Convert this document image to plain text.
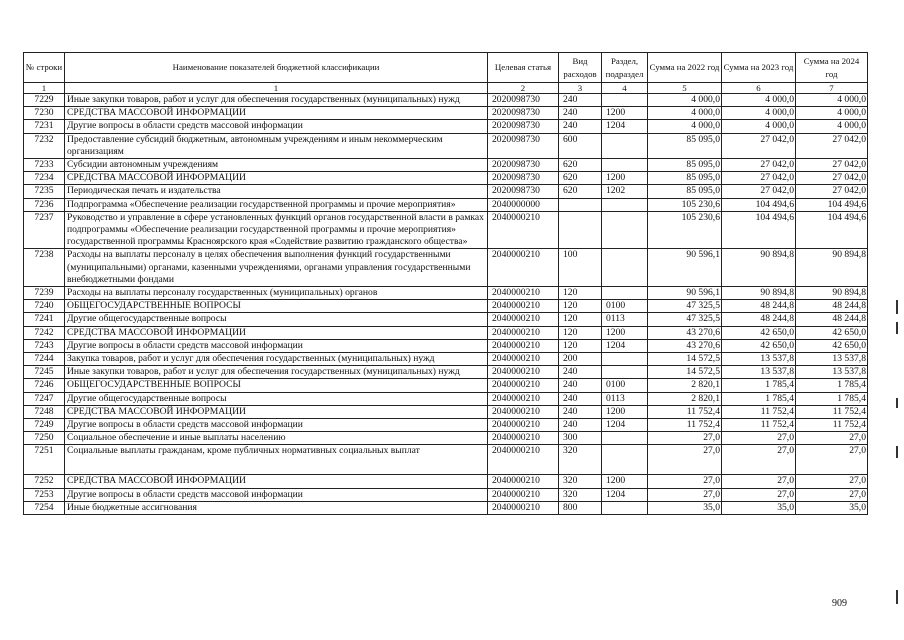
№ строки	Наименование показателей бюджетной классификации	Целевая статья	Вид расходов	Раздел, подраздел	Сумма на 2022 год	Сумма на 2023 год	Сумма на 2024 год
1	1	2	3	4	5	6	7
7229	Иные закупки товаров, работ и услуг для обеспечения государственных (муниципальных) нужд	2020098730	240		4 000,0	4 000,0	4 000,0
7230	СРЕДСТВА МАССОВОЙ ИНФОРМАЦИИ	2020098730	240	1200	4 000,0	4 000,0	4 000,0
7231	Другие вопросы в области средств массовой информации	2020098730	240	1204	4 000,0	4 000,0	4 000,0
7232	Предоставление субсидий бюджетным, автономным учреждениям и иным некоммерческим организациям	2020098730	600		85 095,0	27 042,0	27 042,0
7233	Субсидии автономным учреждениям	2020098730	620		85 095,0	27 042,0	27 042,0
7234	СРЕДСТВА МАССОВОЙ ИНФОРМАЦИИ	2020098730	620	1200	85 095,0	27 042,0	27 042,0
7235	Периодическая печать и издательства	2020098730	620	1202	85 095,0	27 042,0	27 042,0
7236	Подпрограмма «Обеспечение реализации государственной программы и прочие мероприятия»	2040000000			105 230,6	104 494,6	104 494,6
7237	Руководство и управление в сфере установленных функций органов государственной власти в рамках подпрограммы «Обеспечение реализации государственной программы и прочие мероприятия» государственной программы Красноярского края «Содействие развитию гражданского общества»	2040000210			105 230,6	104 494,6	104 494,6
7238	Расходы на выплаты персоналу в целях обеспечения выполнения функций государственными (муниципальными) органами, казенными учреждениями, органами управления государственными внебюджетными фондами	2040000210	100		90 596,1	90 894,8	90 894,8
7239	Расходы на выплаты персоналу государственных (муниципальных) органов	2040000210	120		90 596,1	90 894,8	90 894,8
7240	ОБЩЕГОСУДАРСТВЕННЫЕ ВОПРОСЫ	2040000210	120	0100	47 325,5	48 244,8	48 244,8
7241	Другие общегосударственные вопросы	2040000210	120	0113	47 325,5	48 244,8	48 244,8
7242	СРЕДСТВА МАССОВОЙ ИНФОРМАЦИИ	2040000210	120	1200	43 270,6	42 650,0	42 650,0
7243	Другие вопросы в области средств массовой информации	2040000210	120	1204	43 270,6	42 650,0	42 650,0
7244	Закупка товаров, работ и услуг для обеспечения государственных (муниципальных) нужд	2040000210	200		14 572,5	13 537,8	13 537,8
7245	Иные закупки товаров, работ и услуг для обеспечения государственных (муниципальных) нужд	2040000210	240		14 572,5	13 537,8	13 537,8
7246	ОБЩЕГОСУДАРСТВЕННЫЕ ВОПРОСЫ	2040000210	240	0100	2 820,1	1 785,4	1 785,4
7247	Другие общегосударственные вопросы	2040000210	240	0113	2 820,1	1 785,4	1 785,4
7248	СРЕДСТВА МАССОВОЙ ИНФОРМАЦИИ	2040000210	240	1200	11 752,4	11 752,4	11 752,4
7249	Другие вопросы в области средств массовой информации	2040000210	240	1204	11 752,4	11 752,4	11 752,4
7250	Социальное обеспечение и иные выплаты населению	2040000210	300		27,0	27,0	27,0
7251	Социальные выплаты гражданам, кроме публичных нормативных социальных выплат	2040000210	320		27,0	27,0	27,0
7252	СРЕДСТВА МАССОВОЙ ИНФОРМАЦИИ	2040000210	320	1200	27,0	27,0	27,0
7253	Другие вопросы в области средств массовой информации	2040000210	320	1204	27,0	27,0	27,0
7254	Иные бюджетные ассигнования	2040000210	800		35,0	35,0	35,0
909
